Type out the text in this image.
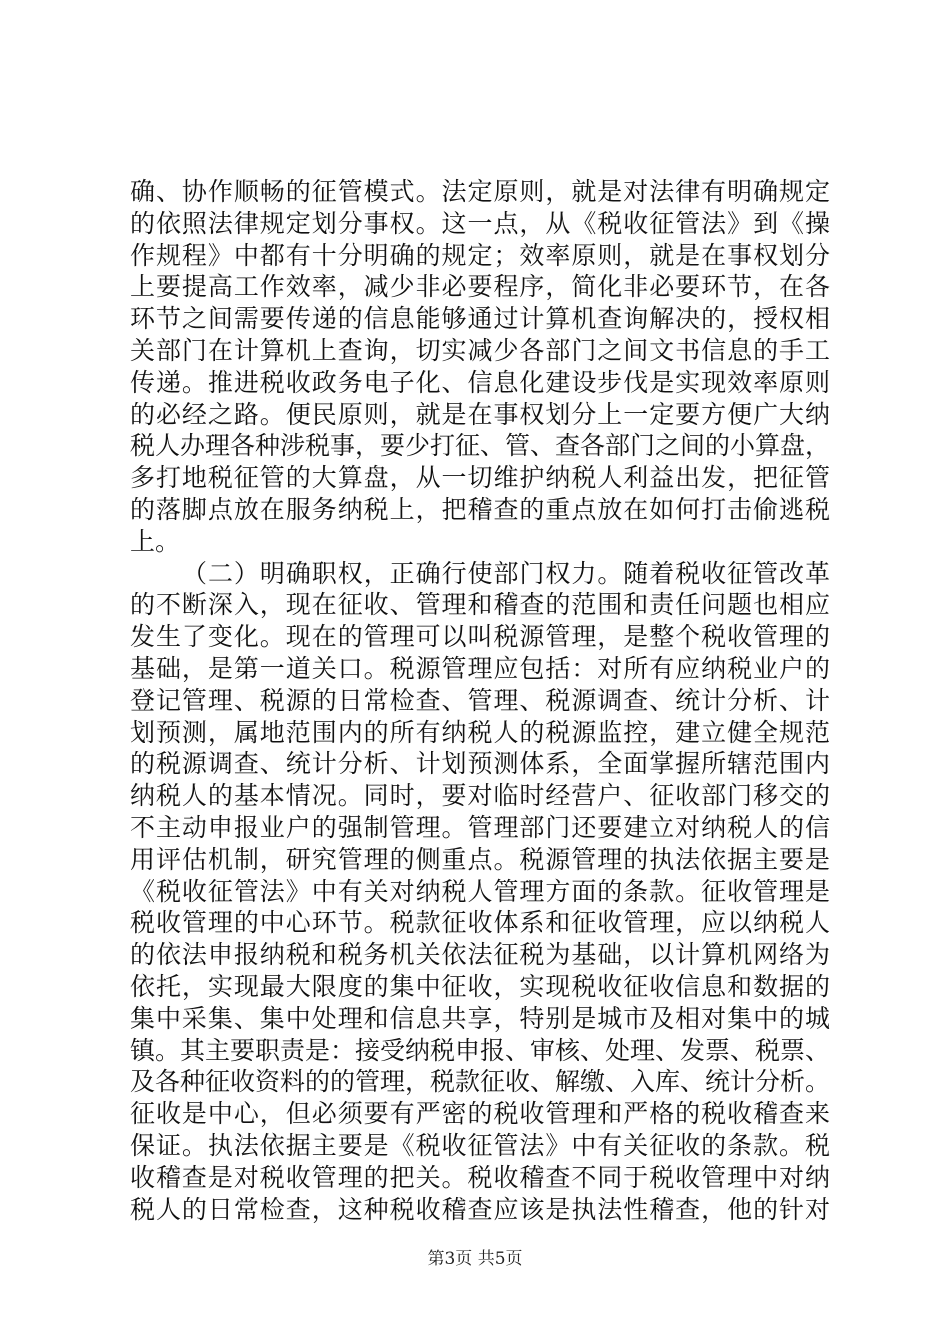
确、协作顺畅的征管模式。法定原则，就是对法律有明确规定
的依照法律规定划分事权。这一点，从《税收征管法》到《操
作规程》中都有十分明确的规定；效率原则，就是在事权划分
上要提高工作效率，减少非必要程序，简化非必要环节，在各
环节之间需要传递的信息能够通过计算机查询解决的，授权相
关部门在计算机上查询，切实减少各部门之间文书信息的手工
传递。推进税收政务电子化、信息化建设步伐是实现效率原则
的必经之路。便民原则，就是在事权划分上一定要方便广大纳
税人办理各种涉税事，要少打征、管、查各部门之间的小算盘，
多打地税征管的大算盘，从一切维护纳税人利益出发，把征管
的落脚点放在服务纳税上，把稽查的重点放在如何打击偷逃税
上。
（二）明确职权，正确行使部门权力。随着税收征管改革
的不断深入，现在征收、管理和稽查的范围和责任问题也相应
发生了变化。现在的管理可以叫税源管理，是整个税收管理的
基础，是第一道关口。税源管理应包括：对所有应纳税业户的
登记管理、税源的日常检查、管理、税源调查、统计分析、计
划预测，属地范围内的所有纳税人的税源监控，建立健全规范
的税源调查、统计分析、计划预测体系，全面掌握所辖范围内
纳税人的基本情况。同时，要对临时经营户、征收部门移交的
不主动申报业户的强制管理。管理部门还要建立对纳税人的信
用评估机制，研究管理的侧重点。税源管理的执法依据主要是
《税收征管法》中有关对纳税人管理方面的条款。征收管理是
税收管理的中心环节。税款征收体系和征收管理，应以纳税人
的依法申报纳税和税务机关依法征税为基础，以计算机网络为
依托，实现最大限度的集中征收，实现税收征收信息和数据的
集中采集、集中处理和信息共享，特别是城市及相对集中的城
镇。其主要职责是：接受纳税申报、审核、处理、发票、税票、
及各种征收资料的的管理，税款征收、解缴、入库、统计分析。
征收是中心，但必须要有严密的税收管理和严格的税收稽查来
保证。执法依据主要是《税收征管法》中有关征收的条款。税
收稽查是对税收管理的把关。税收稽查不同于税收管理中对纳
税人的日常检查，这种税收稽查应该是执法性稽查，他的针对
第3页 共5页
